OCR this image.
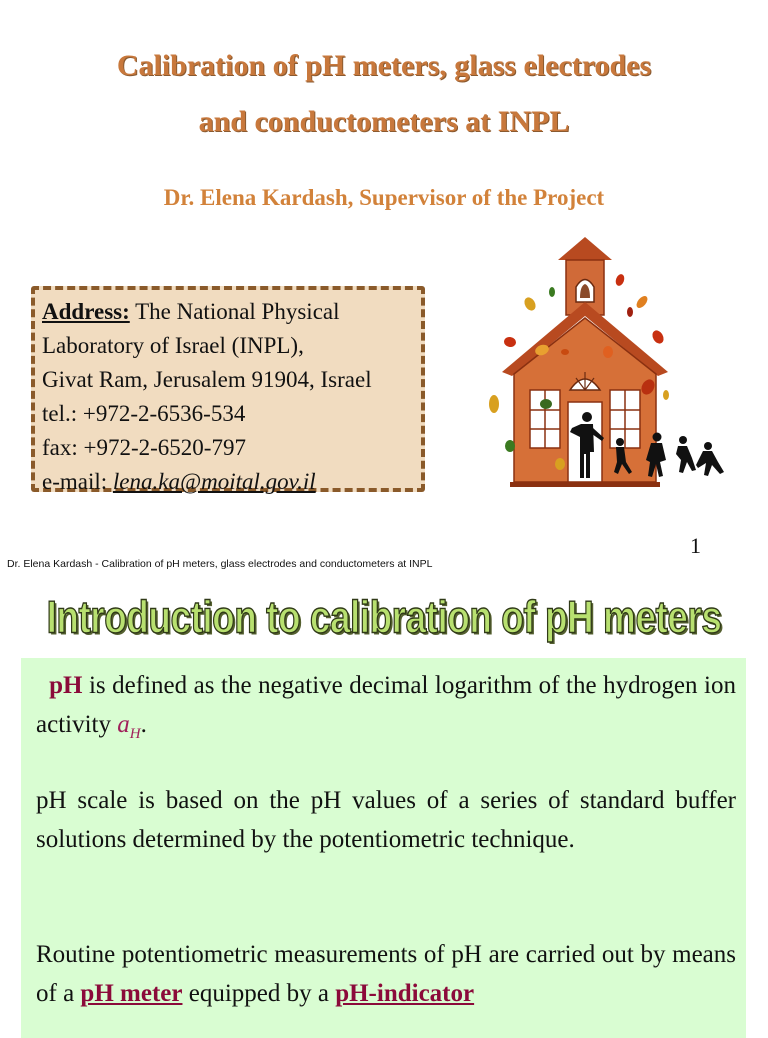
Calibration of pH meters, glass electrodes
and conductometers at INPL
Dr. Elena Kardash, Supervisor of the Project
Address: The National Physical
Laboratory of Israel (INPL),
Givat Ram, Jerusalem 91904, Israel
tel.: +972-2-6536-534
fax: +972-2-6520-797
e-mail: lena.ka@moital.gov.il
1
Dr. Elena Kardash - Calibration of pH meters, glass electrodes and conductometers at INPL
Introduction to calibration of pH meters
pH is defined as the negative decimal logarithm of the hydrogen ion activity $a_H$.
pH scale is based on the pH values of a series of standard buffer solutions determined by the potentiometric technique.
Routine potentiometric measurements of pH are carried out by means of a pH meter equipped by a pH-indicator
